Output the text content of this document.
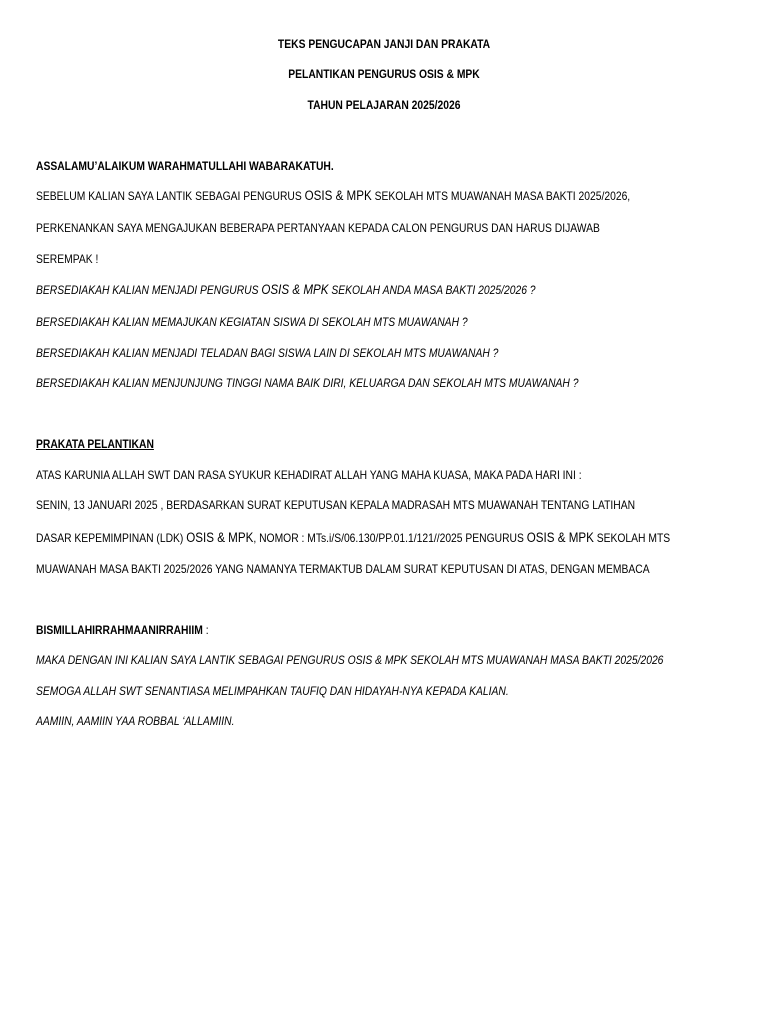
TEKS PENGUCAPAN JANJI DAN PRAKATA
PELANTIKAN PENGURUS OSIS & MPK
TAHUN PELAJARAN 2025/2026
ASSALAMU’ALAIKUM WARAHMATULLAHI WABARAKATUH.
SEBELUM KALIAN SAYA LANTIK SEBAGAI PENGURUS OSIS & MPK SEKOLAH MTS MUAWANAH MASA BAKTI 2025/2026,
PERKENANKAN SAYA MENGAJUKAN BEBERAPA PERTANYAAN KEPADA CALON PENGURUS DAN HARUS DIJAWAB
SEREMPAK !
BERSEDIAKAH KALIAN MENJADI PENGURUS OSIS & MPK SEKOLAH ANDA MASA BAKTI 2025/2026 ?
BERSEDIAKAH KALIAN MEMAJUKAN KEGIATAN SISWA DI SEKOLAH MTS MUAWANAH ?
BERSEDIAKAH KALIAN MENJADI TELADAN BAGI SISWA LAIN DI SEKOLAH MTS MUAWANAH ?
BERSEDIAKAH KALIAN MENJUNJUNG TINGGI NAMA BAIK DIRI, KELUARGA DAN SEKOLAH MTS MUAWANAH ?
PRAKATA PELANTIKAN
ATAS KARUNIA ALLAH SWT DAN RASA SYUKUR KEHADIRAT ALLAH YANG MAHA KUASA, MAKA PADA HARI INI :
SENIN, 13 JANUARI 2025 , BERDASARKAN SURAT KEPUTUSAN KEPALA MADRASAH MTS MUAWANAH TENTANG LATIHAN
DASAR KEPEMIMPINAN (LDK) OSIS & MPK, NOMOR : MTs.i/S/06.130/PP.01.1/121//2025 PENGURUS OSIS & MPK SEKOLAH MTS
MUAWANAH MASA BAKTI 2025/2026 YANG NAMANYA TERMAKTUB DALAM SURAT KEPUTUSAN DI ATAS, DENGAN MEMBACA
BISMILLAHIRRAHMAANIRRAHIIM :
MAKA DENGAN INI KALIAN SAYA LANTIK SEBAGAI PENGURUS OSIS & MPK SEKOLAH MTS MUAWANAH MASA BAKTI 2025/2026
SEMOGA ALLAH SWT SENANTIASA MELIMPAHKAN TAUFIQ DAN HIDAYAH-NYA KEPADA KALIAN.
AAMIIN, AAMIIN YAA ROBBAL ‘ALLAMIIN.
